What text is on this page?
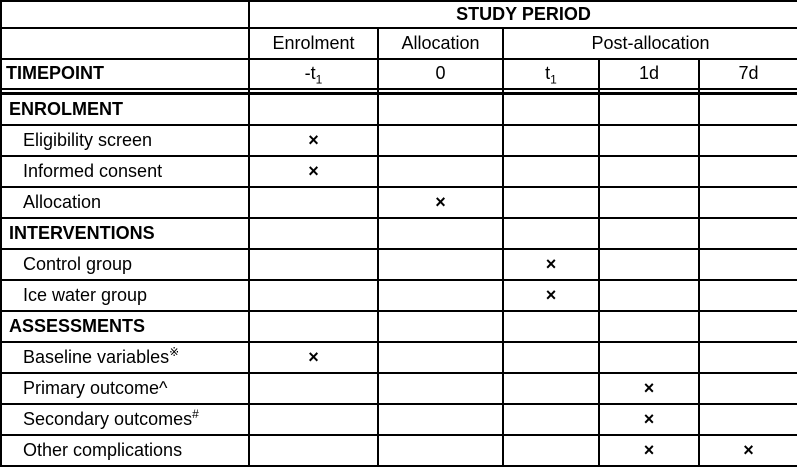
	STUDY PERIOD				
	Enrolment	Allocation	Post-allocation		
TIMEPOINT	$-t_1$	0	$t_1$	1d	7d

ENROLMENT					
Eligibility screen	×				
Informed consent	×				
Allocation		×			
INTERVENTIONS					
Control group			×		
Ice water group			×		
ASSESSMENTS					
Baseline variables※	×				
Primary outcome^				×	
Secondary outcomes#				×	
Other complications				×	×
